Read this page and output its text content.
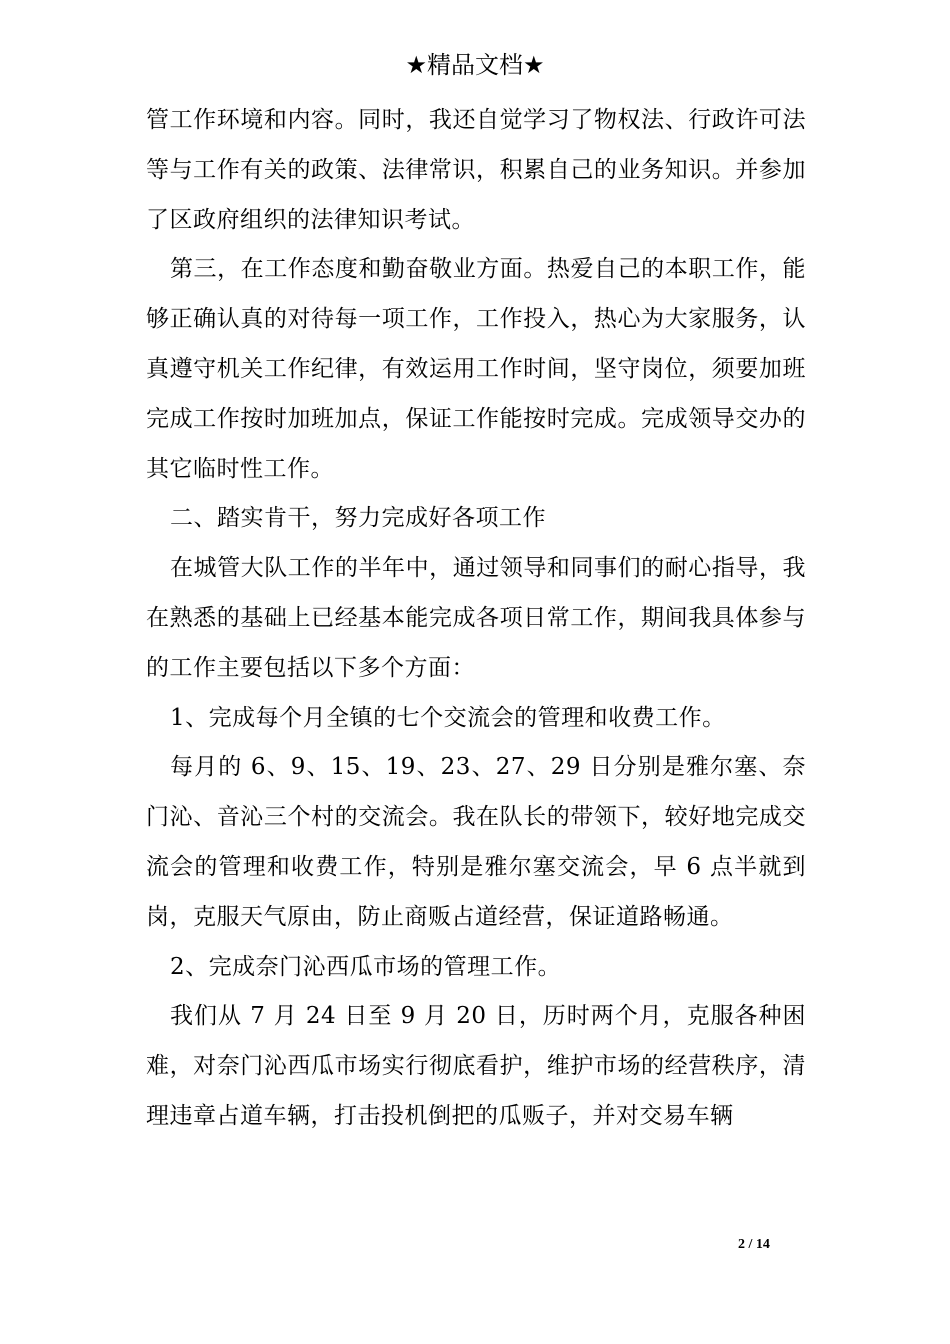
★精品文档★

管工作环境和内容。同时，我还自觉学习了物权法、行政许可法等与工作有关的政策、法律常识，积累自己的业务知识。并参加了区政府组织的法律知识考试。

第三，在工作态度和勤奋敬业方面。热爱自己的本职工作，能够正确认真的对待每一项工作，工作投入，热心为大家服务，认真遵守机关工作纪律，有效运用工作时间，坚守岗位，须要加班完成工作按时加班加点，保证工作能按时完成。完成领导交办的其它临时性工作。

二、踏实肯干，努力完成好各项工作

在城管大队工作的半年中，通过领导和同事们的耐心指导，我在熟悉的基础上已经基本能完成各项日常工作，期间我具体参与的工作主要包括以下多个方面：

1、完成每个月全镇的七个交流会的管理和收费工作。

每月的 6、9、15、19、23、27、29 日分别是雅尔塞、奈门沁、音沁三个村的交流会。我在队长的带领下，较好地完成交流会的管理和收费工作，特别是雅尔塞交流会，早 6 点半就到岗，克服天气原由，防止商贩占道经营，保证道路畅通。

2、完成奈门沁西瓜市场的管理工作。

我们从 7 月 24 日至 9 月 20 日，历时两个月，克服各种困难，对奈门沁西瓜市场实行彻底看护，维护市场的经营秩序，清理违章占道车辆，打击投机倒把的瓜贩子，并对交易车辆

2 / 14
